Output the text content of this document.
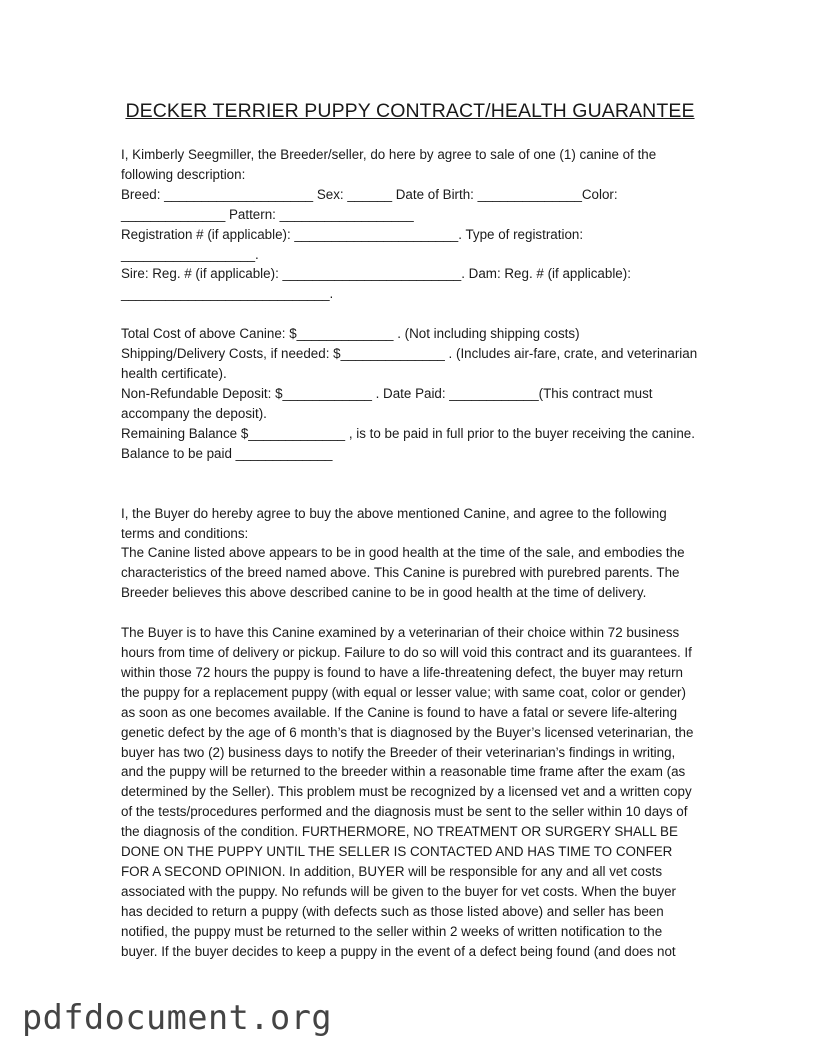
DECKER TERRIER PUPPY CONTRACT/HEALTH GUARANTEE

I, Kimberly Seegmiller, the Breeder/seller, do here by agree to sale of one (1) canine of the

following description:

Breed: ____________________ Sex: ______ Date of Birth: ______________Color:

______________ Pattern: __________________

Registration # (if applicable): ______________________. Type of registration:

__________________.

Sire: Reg. # (if applicable): ________________________. Dam: Reg. # (if applicable):

____________________________.

Total Cost of above Canine: $_____________ . (Not including shipping costs)

Shipping/Delivery Costs, if needed: $______________ . (Includes air-fare, crate, and veterinarian

health certificate).

Non-Refundable Deposit: $____________ . Date Paid: ____________(This contract must

accompany the deposit).

Remaining Balance $_____________ , is to be paid in full prior to the buyer receiving the canine.

Balance to be paid _____________

I, the Buyer do hereby agree to buy the above mentioned Canine, and agree to the following

terms and conditions:

The Canine listed above appears to be in good health at the time of the sale, and embodies the

characteristics of the breed named above. This Canine is purebred with purebred parents. The

Breeder believes this above described canine to be in good health at the time of delivery.

The Buyer is to have this Canine examined by a veterinarian of their choice within 72 business

hours from time of delivery or pickup. Failure to do so will void this contract and its guarantees. If

within those 72 hours the puppy is found to have a life-threatening defect, the buyer may return

the puppy for a replacement puppy (with equal or lesser value; with same coat, color or gender)

as soon as one becomes available. If the Canine is found to have a fatal or severe life-altering

genetic defect by the age of 6 month’s that is diagnosed by the Buyer’s licensed veterinarian, the

buyer has two (2) business days to notify the Breeder of their veterinarian’s findings in writing,

and the puppy will be returned to the breeder within a reasonable time frame after the exam (as

determined by the Seller). This problem must be recognized by a licensed vet and a written copy

of the tests/procedures performed and the diagnosis must be sent to the seller within 10 days of

the diagnosis of the condition. FURTHERMORE, NO TREATMENT OR SURGERY SHALL BE

DONE ON THE PUPPY UNTIL THE SELLER IS CONTACTED AND HAS TIME TO CONFER

FOR A SECOND OPINION. In addition, BUYER will be responsible for any and all vet costs

associated with the puppy. No refunds will be given to the buyer for vet costs. When the buyer

has decided to return a puppy (with defects such as those listed above) and seller has been

notified, the puppy must be returned to the seller within 2 weeks of written notification to the

buyer. If the buyer decides to keep a puppy in the event of a defect being found (and does not

pdfdocument.org
